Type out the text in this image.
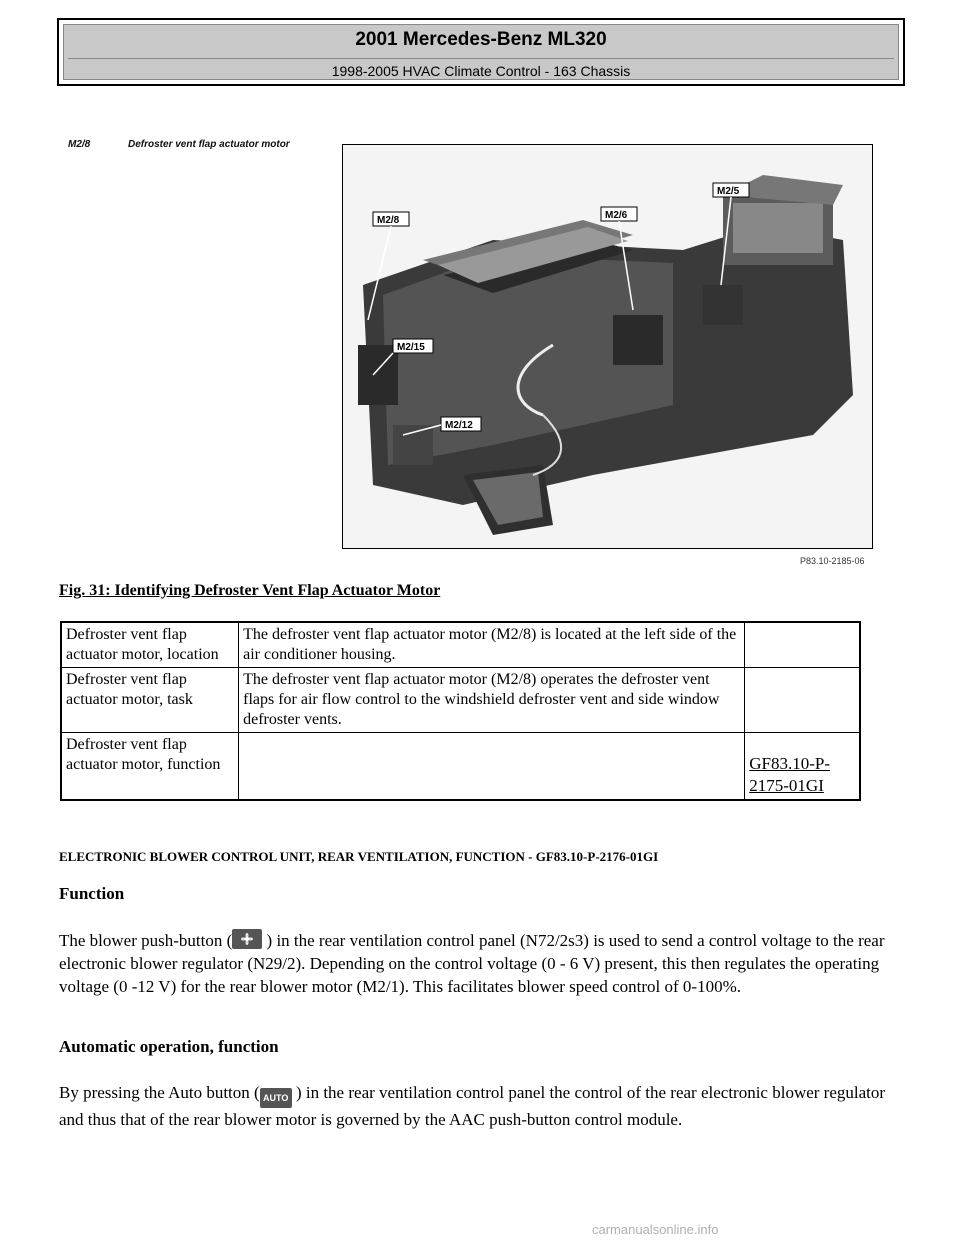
2001 Mercedes-Benz ML320
1998-2005 HVAC Climate Control - 163 Chassis
M2/8	Defroster vent flap actuator motor
M2/8	M2/6
M2/5
M2/15
M2/12
P83.10-2185-06
Fig. 31: Identifying Defroster Vent Flap Actuator Motor
Defroster vent flap actuator motor, location	The defroster vent flap actuator motor (M2/8) is located at the left side of the air conditioner housing.	
Defroster vent flap actuator motor, task	The defroster vent flap actuator motor (M2/8) operates the defroster vent flaps for air flow control to the windshield defroster vent and side window defroster vents.	
Defroster vent flap actuator motor, function		GF83.10-P-2175-01GI
ELECTRONIC BLOWER CONTROL UNIT, REAR VENTILATION, FUNCTION - GF83.10-P-2176-01GI
Function
The blower push-button ( ) in the rear ventilation control panel (N72/2s3) is used to send a control voltage to the rear electronic blower regulator (N29/2). Depending on the control voltage (0 - 6 V) present, this then regulates the operating voltage (0 -12 V) for the rear blower motor (M2/1). This facilitates blower speed control of 0-100%.
Automatic operation, function
By pressing the Auto button ( AUTO ) in the rear ventilation control panel the control of the rear electronic blower regulator and thus that of the rear blower motor is governed by the AAC push-button control module.
carmanualsonline.info
